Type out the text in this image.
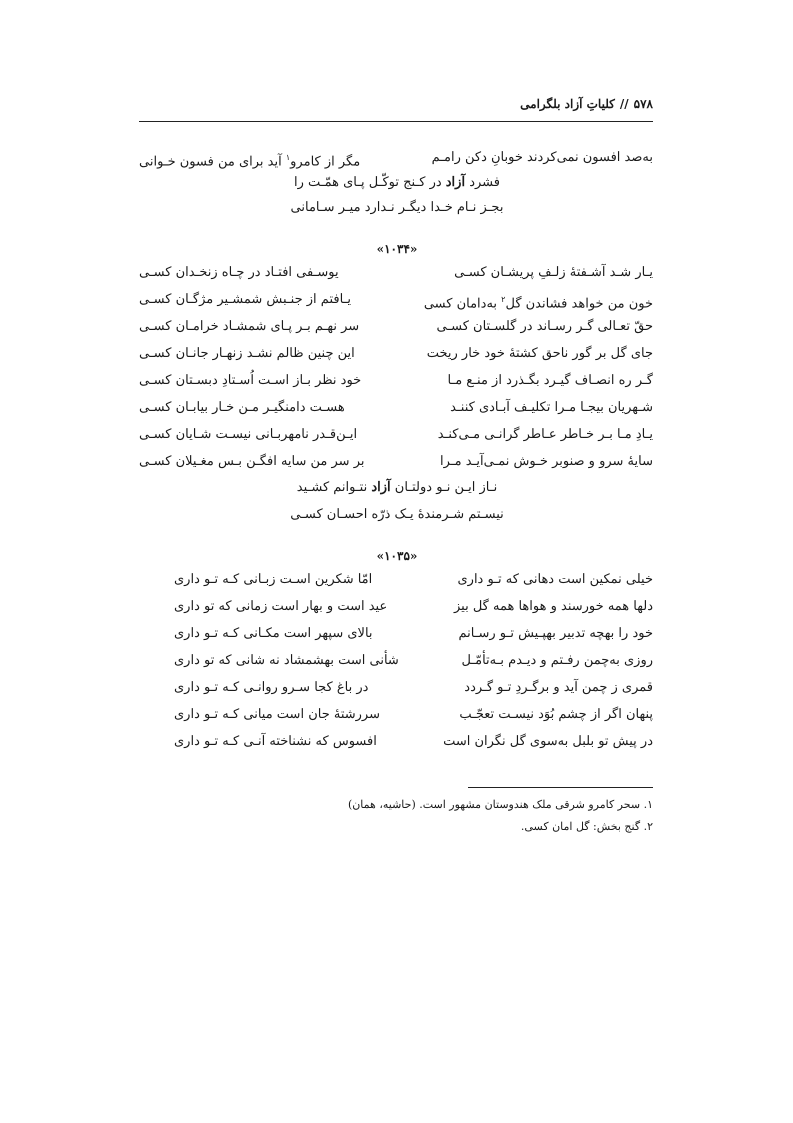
۵۷۸
//
کلیاتِ آزاد بلگرامی
به‌صد افسون نمی‌کردند خوبانِ دکن رامـم
مگر از کامرو$^۱$ آید برای من فسون خـوانی
فشرد آزاد در کـنج توکّـل پـای همّـت را
بجـز نـام خـدا دیگـر نـدارد میـر سـامانی
«۱۰۳۴»
یـار شـد آشـفتۀ زلـفِ پریشـان کسـی
یوسـفی افتـاد در چـاه زنخـدان کسـی
خون من خواهد فشاندن گل$^۲$ به‌دامان کسی
یـافتم از جنـبش شمشـیر مژگـان کسـی
حقّ تعـالی گـر رسـاند در گلسـتان کسـی
سر نهـم بـر پـای شمشـاد خرامـان کسـی
جای گل بر گور ناحق کشتۀ خود خار ریخت
این چنین ظالم نشـد زنهـار جانـان کسـی
گـر ره انصـاف گیـرد بگـذرد از منـع مـا
خود نظر بـاز اسـت اُسـتادِ دبسـتان کسـی
شـهریان بیجـا مـرا تکلیـف آبـادی کننـد
هسـت دامنگیـر مـن خـار بیابـان کسـی
یـادِ مـا بـر خـاطر عـاطر گرانـی مـی‌کنـد
ایـن‌قـدر نامهربـانی نیسـت شـایان کسـی
سایۀ سرو و صنوبر خـوش نمـی‌آیـد مـرا
بر سر من سایه افگـن بـس مغـیلان کسـی
نـاز ایـن نـو دولتـان آزاد نتـوانم کشـید
نیسـتم شـرمندۀ یـک ذرّه احسـان کسـی
«۱۰۳۵»
خیلی نمکین است دهانی که تـو داری
امّا شکرین اسـت زبـانی کـه تـو داری
دلها همه خورسند و هواها همه گل بیز
عید است و بهار است زمانی که تو داری
خود را بهچه تدبیر بهپـیش تـو رسـانم
بالای سپهر است مکـانی کـه تـو داری
روزی به‌چمن رفـتم و دیـدم بـه‌تأمّـل
شأنی است بهشمشاد نه شانی که تو داری
قمری ز چمن آید و برگـردِ تـو گـردد
در باغ کجا سـرو روانـی کـه تـو داری
پنهان اگر از چشم بُوَد نیسـت تعجّـب
سررشتۀ جان است میانی کـه تـو داری
در پیش تو بلبل به‌سوی گل نگران است
افسوس که نشناخته آنـی کـه تـو داری
۱. سحر کامرو شرقی ملک هندوستان مشهور است. (حاشیه، همان)
۲. گنج بخش: گل امان کسی.
